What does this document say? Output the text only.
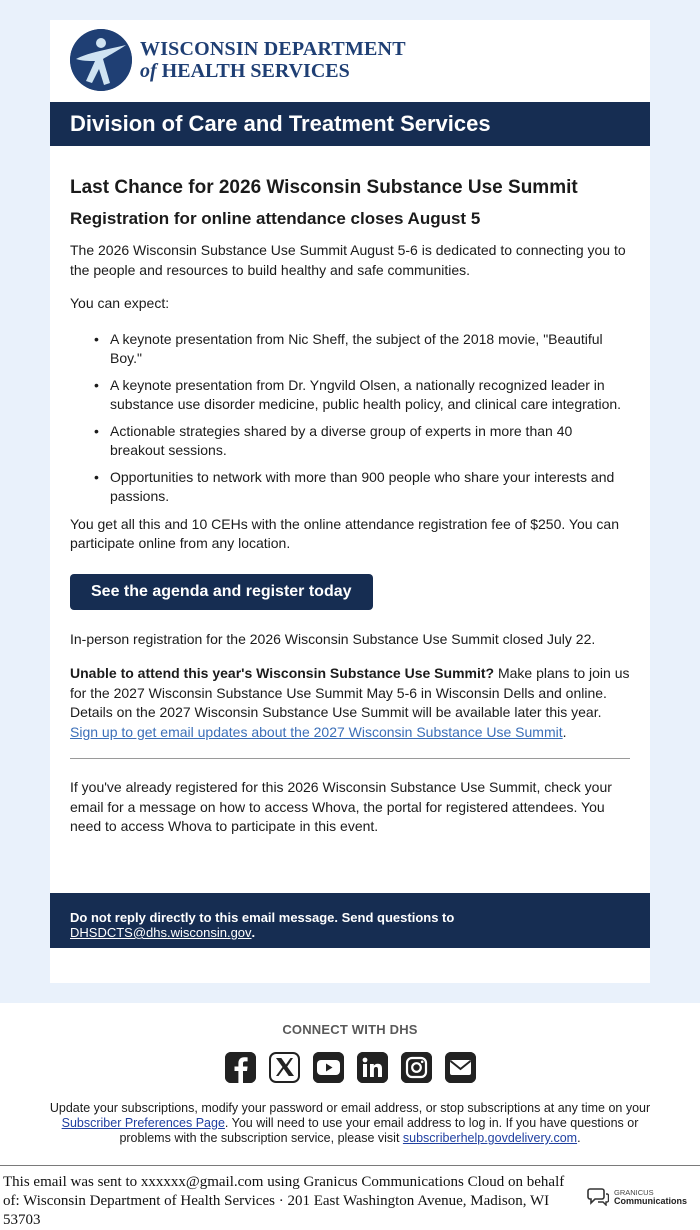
WISCONSIN DEPARTMENT
of HEALTH SERVICES
Division of Care and Treatment Services
Last Chance for 2026 Wisconsin Substance Use Summit
Registration for online attendance closes August 5

The 2026 Wisconsin Substance Use Summit August 5-6 is dedicated to connecting you to the people and resources to build healthy and safe communities.

You can expect:

• A keynote presentation from Nic Sheff, the subject of the 2018 movie, "Beautiful Boy."
• A keynote presentation from Dr. Yngvild Olsen, a nationally recognized leader in substance use disorder medicine, public health policy, and clinical care integration.
• Actionable strategies shared by a diverse group of experts in more than 40 breakout sessions.
• Opportunities to network with more than 900 people who share your interests and passions.

You get all this and 10 CEHs with the online attendance registration fee of $250. You can participate online from any location.

See the agenda and register today

In-person registration for the 2026 Wisconsin Substance Use Summit closed July 22.

Unable to attend this year's Wisconsin Substance Use Summit? Make plans to join us for the 2027 Wisconsin Substance Use Summit May 5-6 in Wisconsin Dells and online. Details on the 2027 Wisconsin Substance Use Summit will be available later this year. Sign up to get email updates about the 2027 Wisconsin Substance Use Summit.

If you've already registered for this 2026 Wisconsin Substance Use Summit, check your email for a message on how to access Whova, the portal for registered attendees. You need to access Whova to participate in this event.

Do not reply directly to this email message. Send questions to DHSDCTS@dhs.wisconsin.gov.
CONNECT WITH DHS
Update your subscriptions, modify your password or email address, or stop subscriptions at any time on your Subscriber Preferences Page. You will need to use your email address to log in. If you have questions or problems with the subscription service, please visit subscriberhelp.govdelivery.com.
This email was sent to xxxxxx@gmail.com using Granicus Communications Cloud on behalf of: Wisconsin Department of Health Services · 201 East Washington Avenue, Madison, WI 53703
GRANICUS
Communications
